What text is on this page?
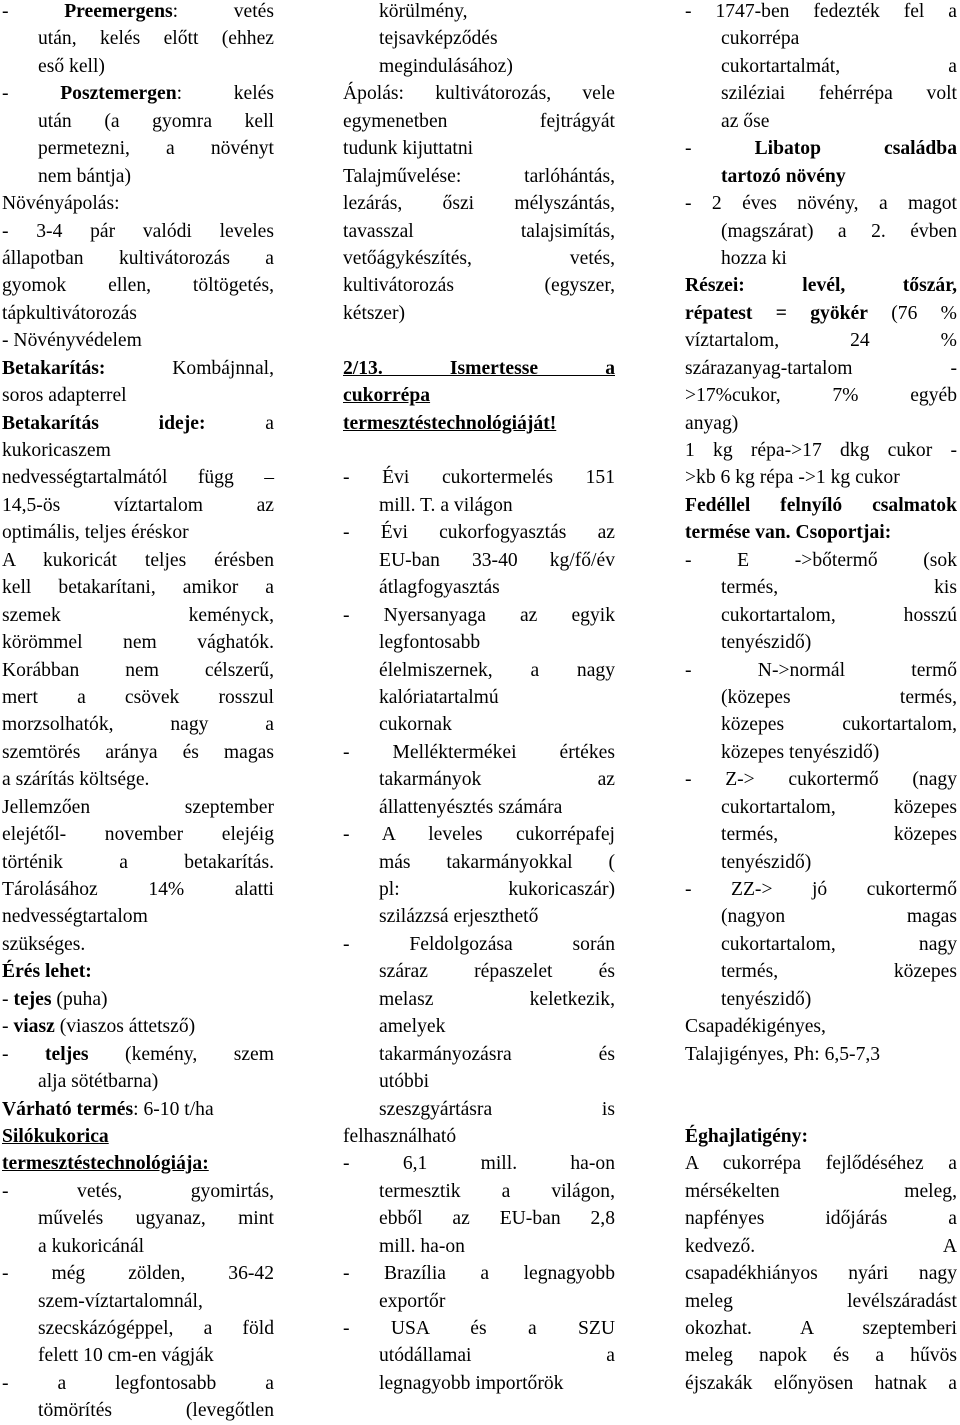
- Preemergens: vetés
után, kelés előtt (ehhez
eső kell)
- Posztemergen: kelés
után (a gyomra kell
permetezni, a növényt
nem bántja)
Növényápolás:
- 3-4 pár valódi leveles
állapotban kultivátorozás a
gyomok ellen, töltögetés,
tápkultivátorozás
- Növényvédelem
Betakarítás: Kombájnnal,
soros adapterrel
Betakarítás ideje: a
kukoricaszem
nedvességtartalmától függ –
14,5-ös víztartalom az
optimális, teljes éréskor
A kukoricát teljes érésben
kell betakarítani, amikor a
szemek keményck,
körömmel nem vághatók.
Korábban nem célszerű,
mert a csövek rosszul
morzsolhatók, nagy a
szemtörés aránya és magas
a szárítás költsége.
Jellemzően szeptember
elejétől- november elejéig
történik a betakarítás.
Tárolásához 14% alatti
nedvességtartalom
szükséges.
Érés lehet:
- tejes (puha)
- viasz (viaszos áttetsző)
- teljes (kemény, szem
alja sötétbarna)
Várható termés: 6-10 t/ha
Silókukorica
termesztéstechnológiája:
- vetés, gyomirtás,
művelés ugyanaz, mint
a kukoricánál
- még zölden, 36-42
szem-víztartalomnál,
szecskázógéppel, a föld
felett 10 cm-en vágják
- a legfontosabb a
tömörítés (levegőtlen
körülmény,
tejsavképződés
megindulásához)
Ápolás: kultivátorozás, vele
egymenetben fejtrágyát
tudunk kijuttatni
Talajművelése: tarlóhántás,
lezárás, őszi mélyszántás,
tavasszal talajsimítás,
vetőágykészítés, vetés,
kultivátorozás (egyszer,
kétszer)
2/13. Ismertesse a
cukorrépa
termesztéstechnológiáját!
- Évi cukortermelés 151
mill. T. a világon
- Évi cukorfogyasztás az
EU-ban 33-40 kg/fő/év
átlagfogyasztás
- Nyersanyaga az egyik
legfontosabb
élelmiszernek, a nagy
kalóriatartalmú
cukornak
- Melléktermékei értékes
takarmányok az
állattenyésztés számára
- A leveles cukorrépafej
más takarmányokkal (
pl: kukoricaszár)
szilázzsá erjeszthető
- Feldolgozása során
száraz répaszelet és
melasz keletkezik,
amelyek
takarmányozásra és
utóbbi
szeszgyártásra is
felhasználható
- 6,1 mill. ha-on
termesztik a világon,
ebből az EU-ban 2,8
mill. ha-on
- Brazília a legnagyobb
exportőr
- USA és a SZU
utódállamai a
legnagyobb importőrök
- 1747-ben fedezték fel a
cukorrépa
cukortartalmát, a
sziléziai fehérrépa volt
az őse
- Libatop családba
tartozó növény
- 2 éves növény, a magot
(magszárat) a 2. évben
hozza ki
Részei: levél, tőszár,
répatest = gyökér (76 %
víztartalom, 24 %
szárazanyag-tartalom -
>17%cukor, 7% egyéb
anyag)
1 kg répa->17 dkg cukor -
>kb 6 kg répa ->1 kg cukor
Fedéllel felnyíló csalmatok
termése van. Csoportjai:
- E ->bőtermő (sok
termés, kis
cukortartalom, hosszú
tenyészidő)
- N->normál termő
(közepes termés,
közepes cukortartalom,
közepes tenyészidő)
- Z-> cukortermő (nagy
cukortartalom, közepes
termés, közepes
tenyészidő)
- ZZ-> jó cukortermő
(nagyon magas
cukortartalom, nagy
termés, közepes
tenyészidő)
Csapadékigényes,
Talajigényes, Ph: 6,5-7,3
Éghajlatigény:
A cukorrépa fejlődéséhez a
mérsékelten meleg,
napfényes időjárás a
kedvező. A
csapadékhiányos nyári nagy
meleg levélszáradást
okozhat. A szeptemberi
meleg napok és a hűvös
éjszakák előnyösen hatnak a
